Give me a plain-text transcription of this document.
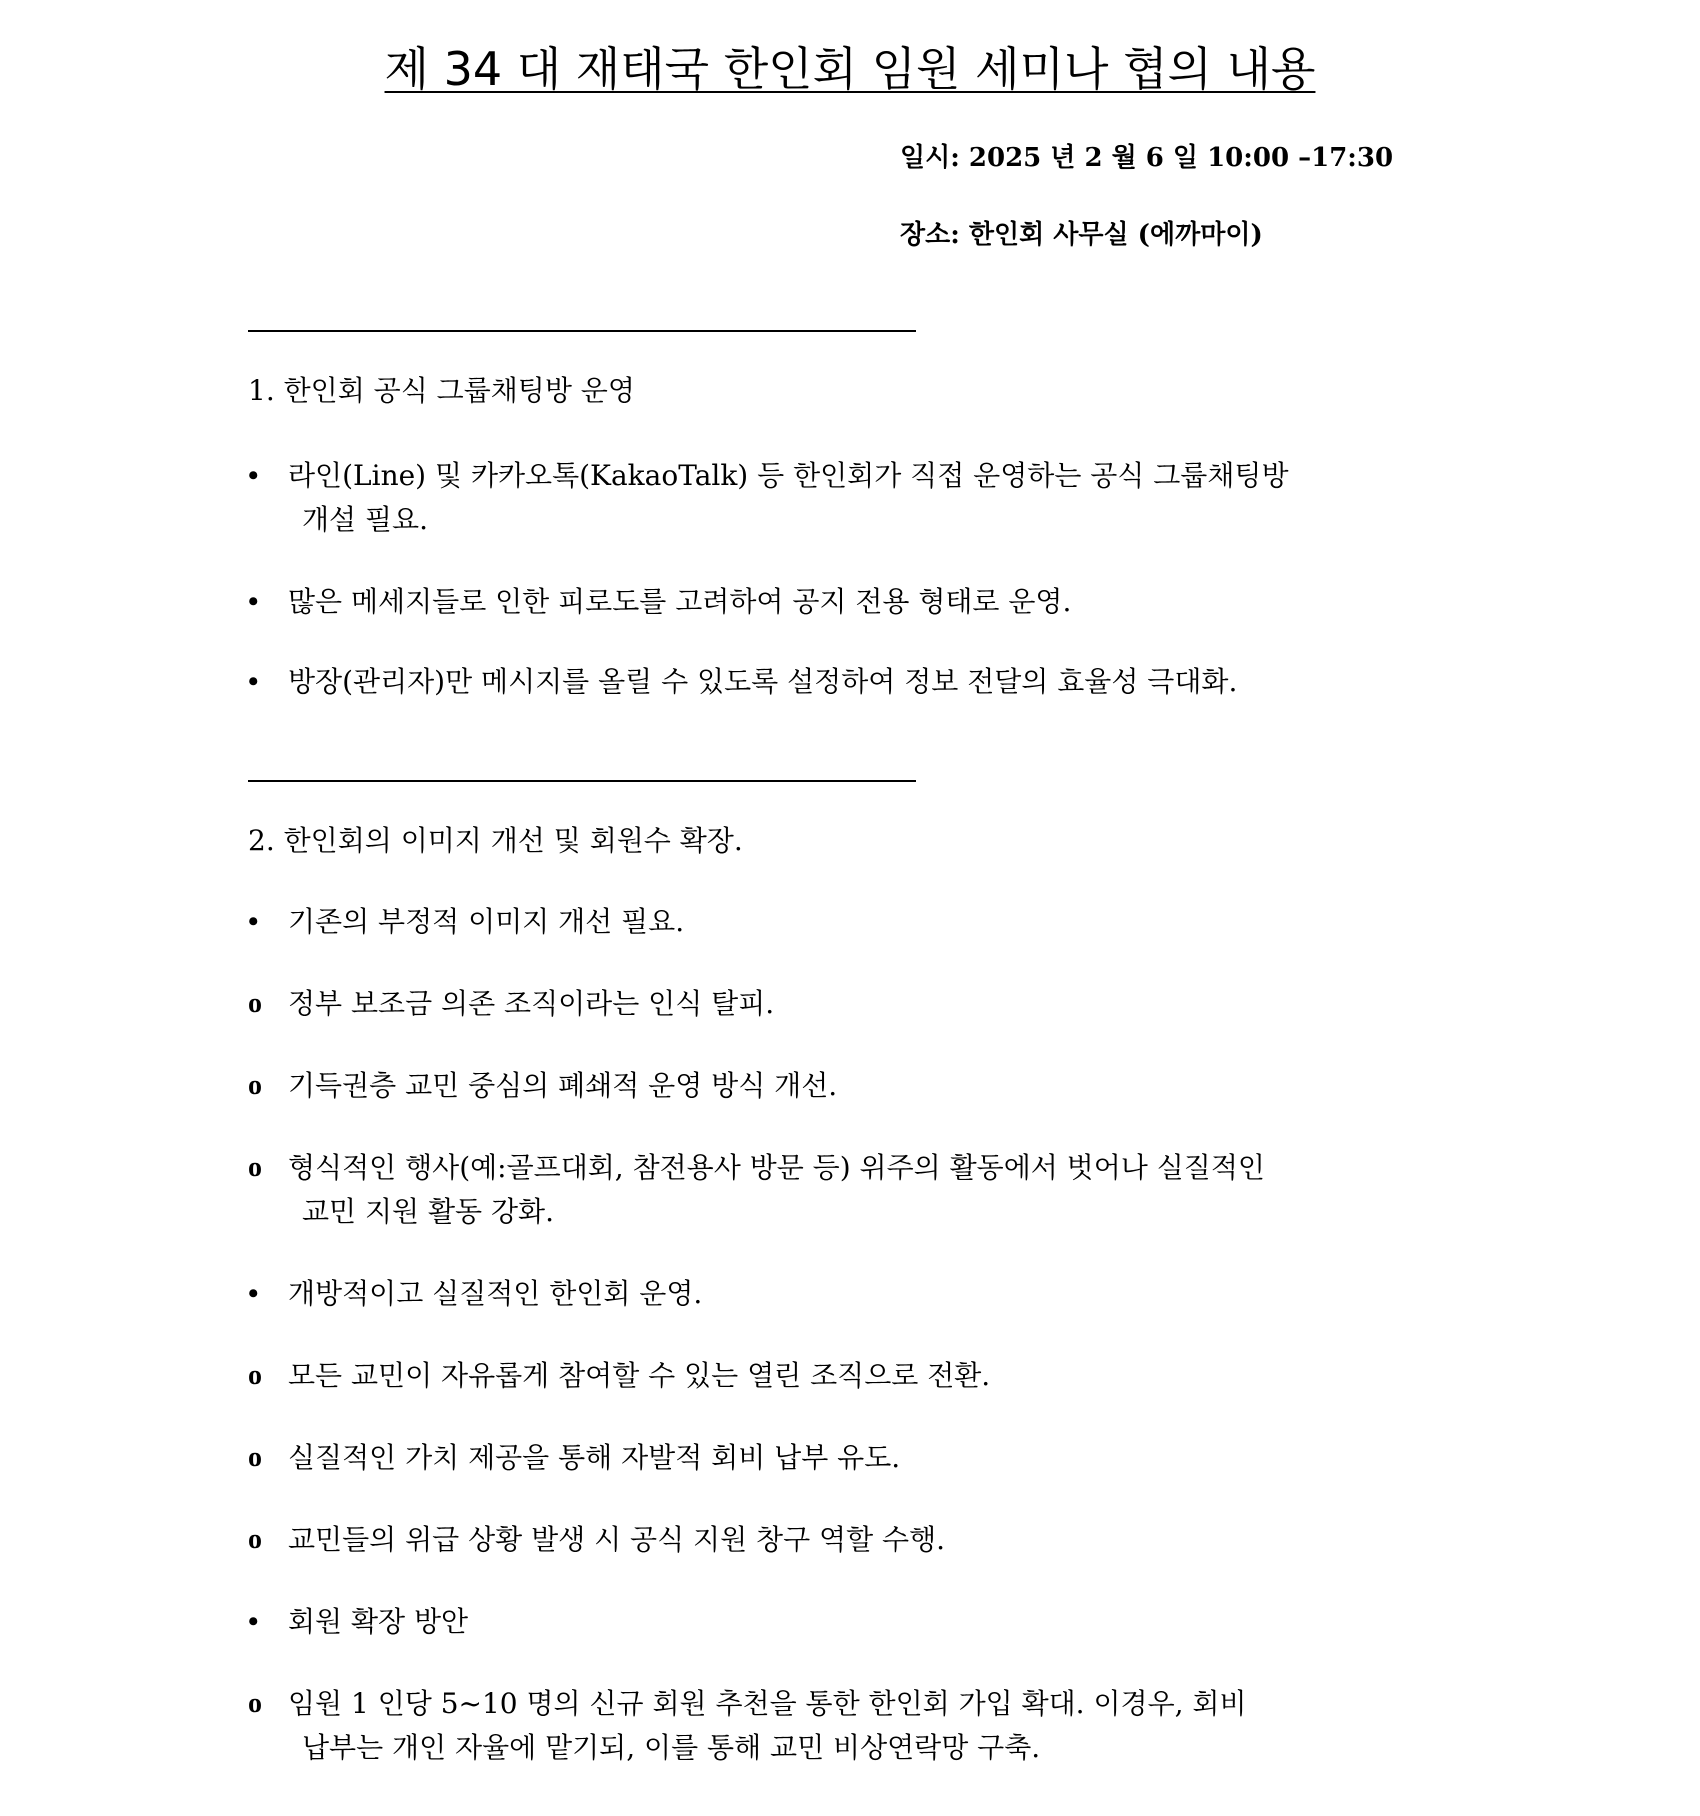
제 34 대 재태국 한인회 임원 세미나 협의 내용
일시: 2025 년 2 월 6 일 10:00 –17:30
장소: 한인회 사무실 (에까마이)
1. 한인회 공식 그룹채팅방 운영
•	라인(Line) 및 카카오톡(KakaoTalk) 등 한인회가 직접 운영하는 공식 그룹채팅방
개설 필요.
•	많은 메세지들로 인한 피로도를 고려하여 공지 전용 형태로 운영.
•	방장(관리자)만 메시지를 올릴 수 있도록 설정하여 정보 전달의 효율성 극대화.
2. 한인회의 이미지 개선 및 회원수 확장.
•	기존의 부정적 이미지 개선 필요.
o 정부 보조금 의존 조직이라는 인식 탈피.
o 기득권층 교민 중심의 폐쇄적 운영 방식 개선.
o 형식적인 행사(예:골프대회, 참전용사 방문 등) 위주의 활동에서 벗어나 실질적인
교민 지원 활동 강화.
•	개방적이고 실질적인 한인회 운영.
o 모든 교민이 자유롭게 참여할 수 있는 열린 조직으로 전환.
o 실질적인 가치 제공을 통해 자발적 회비 납부 유도.
o 교민들의 위급 상황 발생 시 공식 지원 창구 역할 수행.
•	회원 확장 방안
o 임원 1 인당 5~10 명의 신규 회원 추천을 통한 한인회 가입 확대. 이경우, 회비
납부는 개인 자율에 맡기되, 이를 통해 교민 비상연락망 구축.
